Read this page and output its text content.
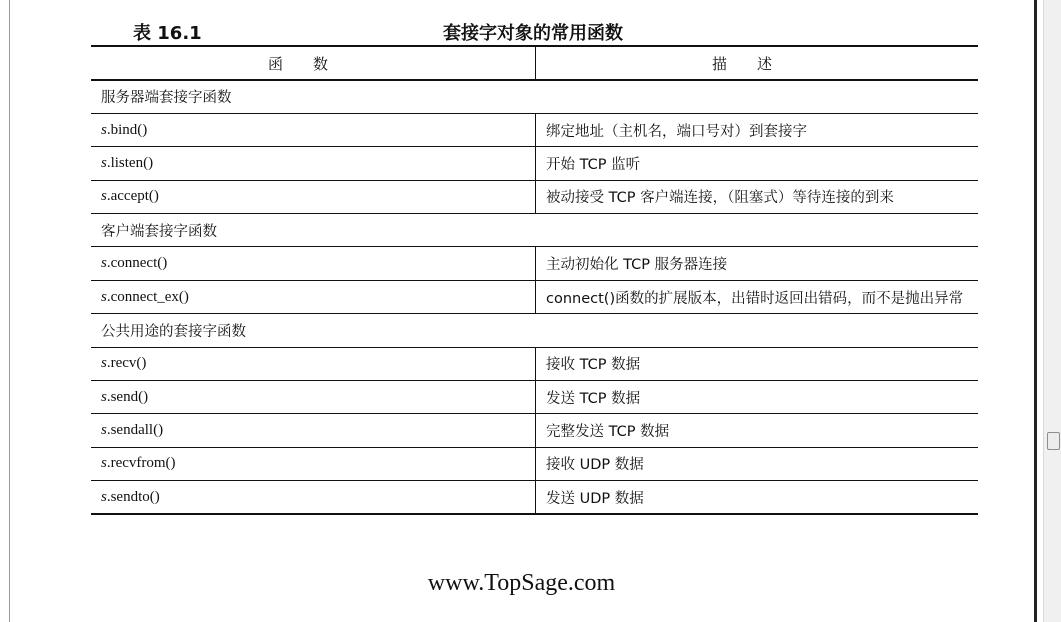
表 16.1	套接字对象的常用函数
函数	描述
服务器端套接字函数	
s.bind()	绑定地址（主机名，端口号对）到套接字
s.listen()	开始 TCP 监听
s.accept()	被动接受 TCP 客户端连接，（阻塞式）等待连接的到来
客户端套接字函数	
s.connect()	主动初始化 TCP 服务器连接
s.connect_ex()	connect()函数的扩展版本，出错时返回出错码，而不是抛出异常
公共用途的套接字函数	
s.recv()	接收 TCP 数据
s.send()	发送 TCP 数据
s.sendall()	完整发送 TCP 数据
s.recvfrom()	接收 UDP 数据
s.sendto()	发送 UDP 数据
www.TopSage.com
